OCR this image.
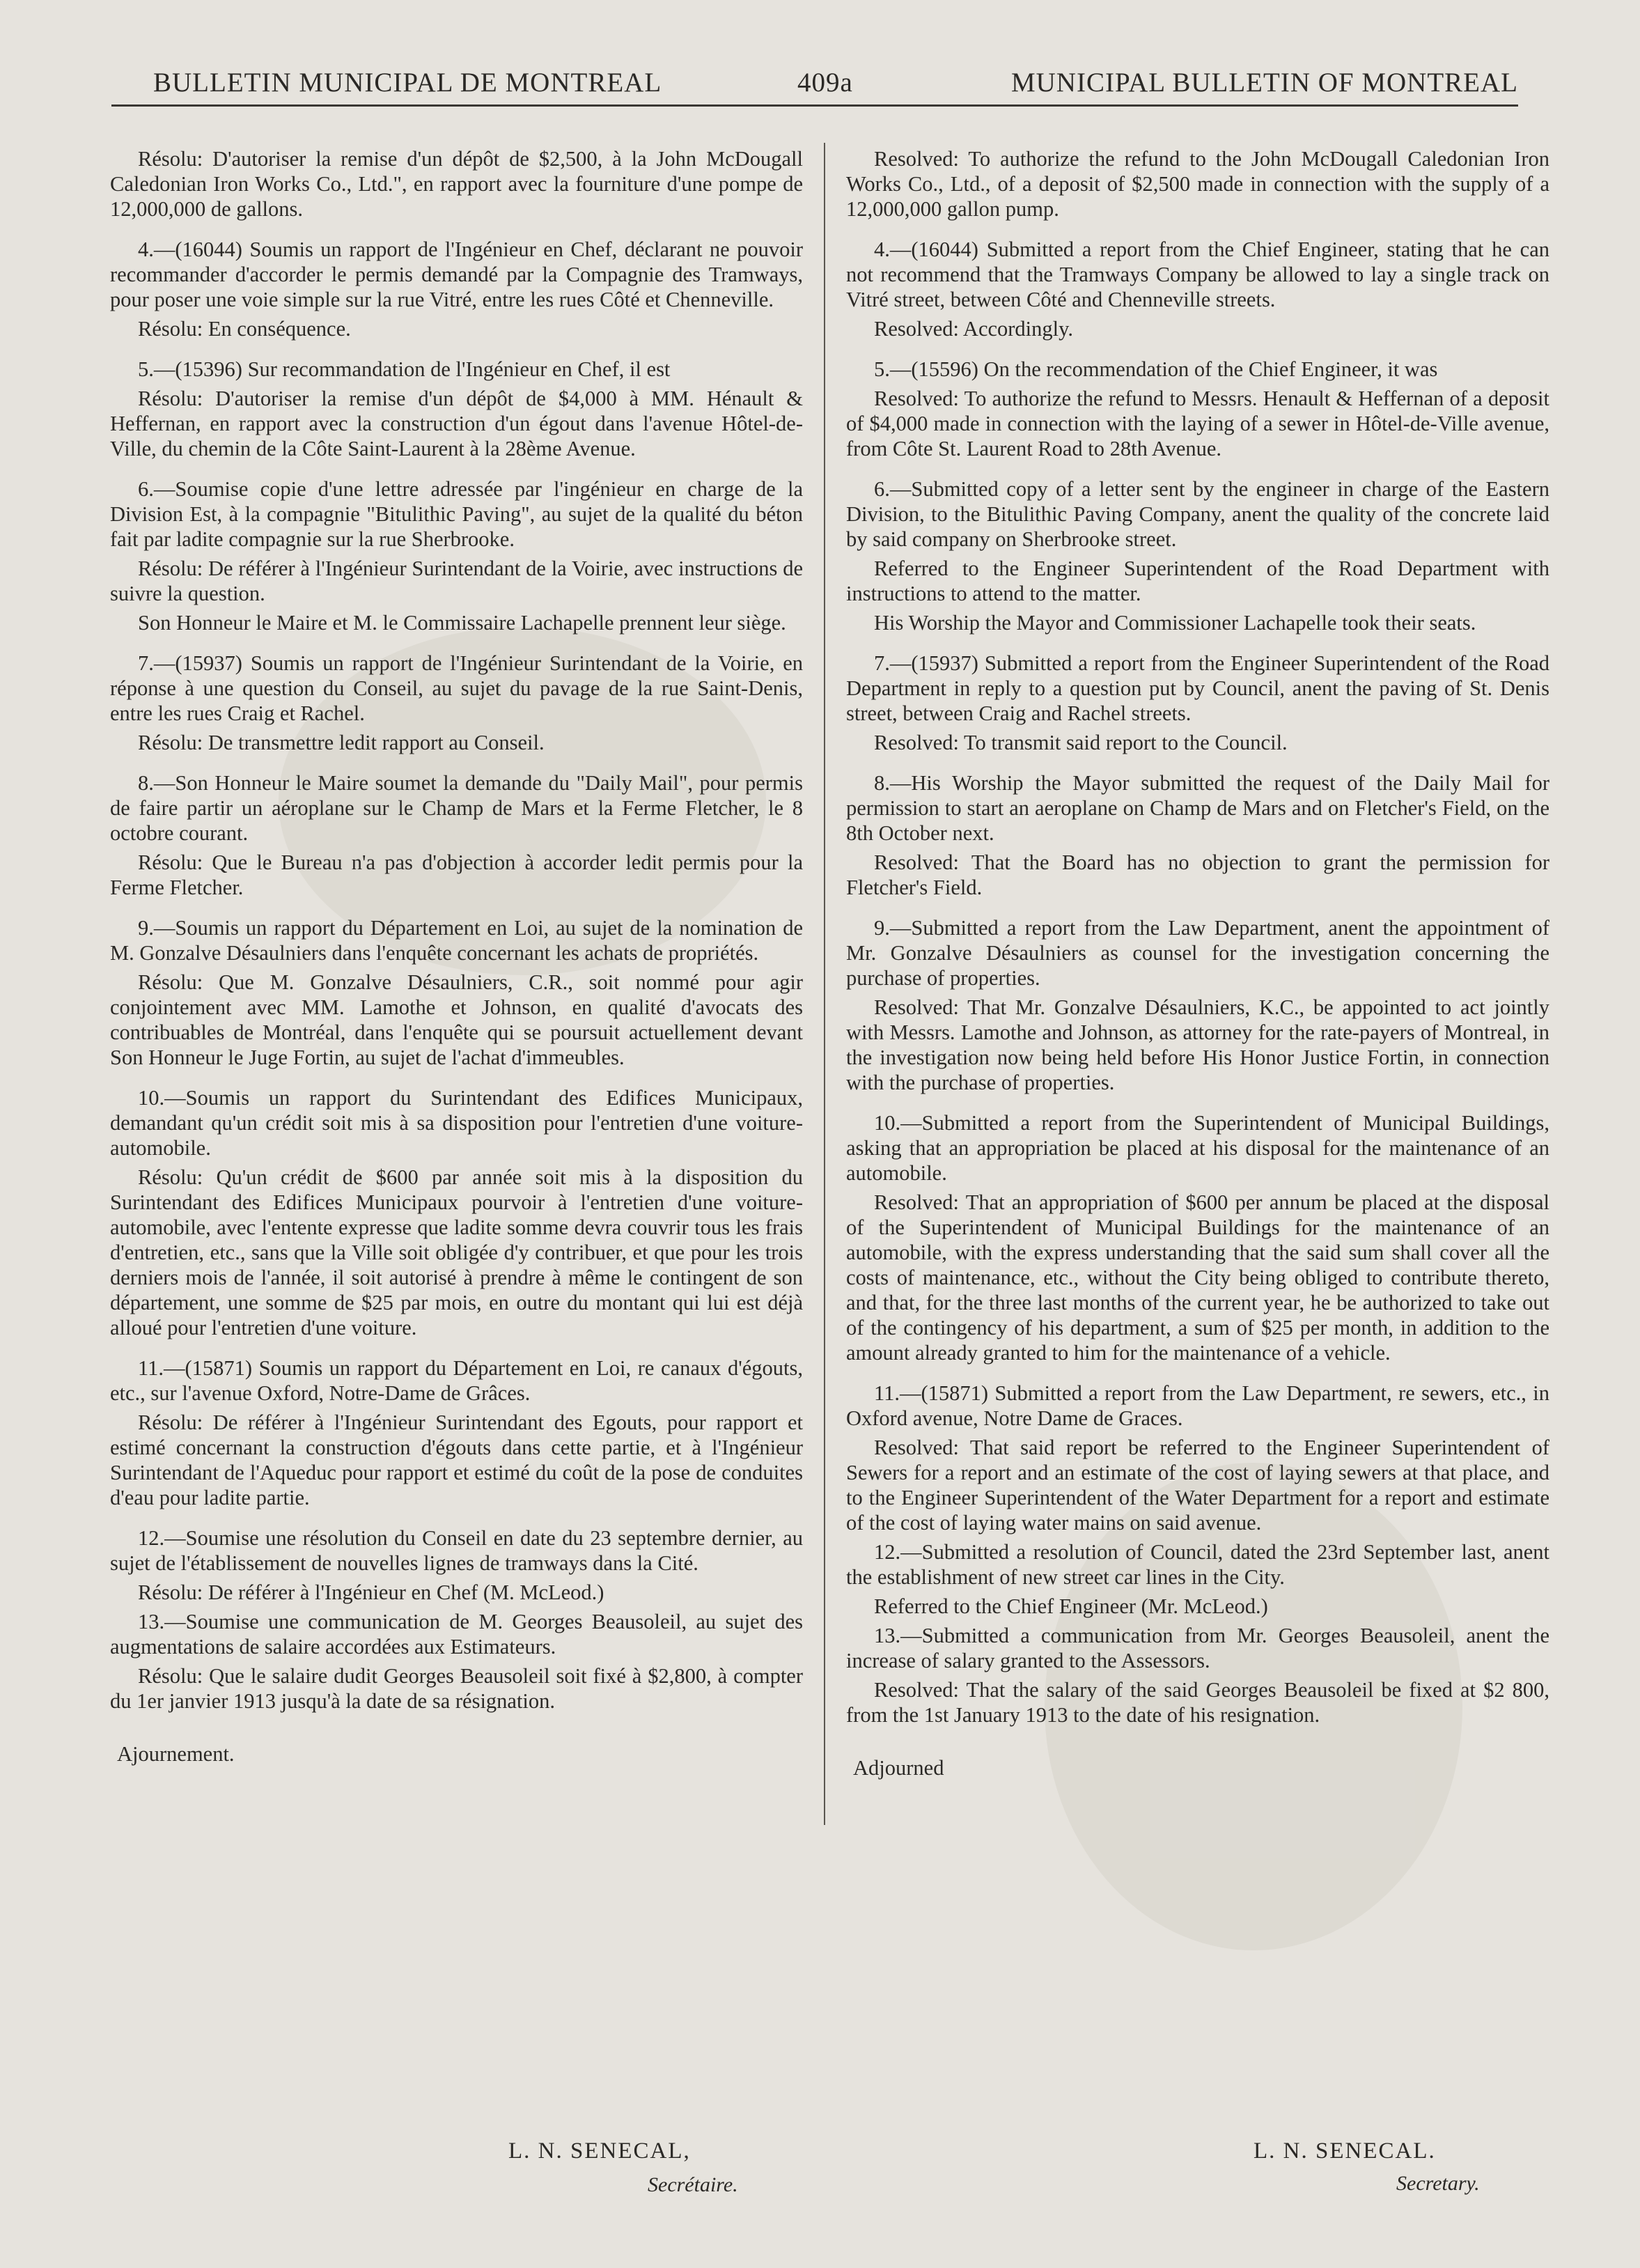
BULLETIN MUNICIPAL DE MONTREAL	409a	MUNICIPAL BULLETIN OF MONTREAL

Résolu: D'autoriser la remise d'un dépôt de $2,500, à la John McDougall Caledonian Iron Works Co., Ltd.", en rapport avec la fourniture d'une pompe de 12,000,000 de gallons.

4.—(16044) Soumis un rapport de l'Ingénieur en Chef, déclarant ne pouvoir recommander d'accorder le permis demandé par la Compagnie des Tramways, pour poser une voie simple sur la rue Vitré, entre les rues Côté et Chenneville.

Résolu: En conséquence.

5.—(15396) Sur recommandation de l'Ingénieur en Chef, il est

Résolu: D'autoriser la remise d'un dépôt de $4,000 à MM. Hénault & Heffernan, en rapport avec la construction d'un égout dans l'avenue Hôtel-de-Ville, du chemin de la Côte Saint-Laurent à la 28ème Avenue.

6.—Soumise copie d'une lettre adressée par l'ingénieur en charge de la Division Est, à la compagnie "Bitulithic Paving", au sujet de la qualité du béton fait par ladite compagnie sur la rue Sherbrooke.

Résolu: De référer à l'Ingénieur Surintendant de la Voirie, avec instructions de suivre la question.

Son Honneur le Maire et M. le Commissaire Lachapelle prennent leur siège.

7.—(15937) Soumis un rapport de l'Ingénieur Surintendant de la Voirie, en réponse à une question du Conseil, au sujet du pavage de la rue Saint-Denis, entre les rues Craig et Rachel.

Résolu: De transmettre ledit rapport au Conseil.

8.—Son Honneur le Maire soumet la demande du "Daily Mail", pour permis de faire partir un aéroplane sur le Champ de Mars et la Ferme Fletcher, le 8 octobre courant.

Résolu: Que le Bureau n'a pas d'objection à accorder ledit permis pour la Ferme Fletcher.

9.—Soumis un rapport du Département en Loi, au sujet de la nomination de M. Gonzalve Désaulniers dans l'enquête concernant les achats de propriétés.

Résolu: Que M. Gonzalve Désaulniers, C.R., soit nommé pour agir conjointement avec MM. Lamothe et Johnson, en qualité d'avocats des contribuables de Montréal, dans l'enquête qui se poursuit actuellement devant Son Honneur le Juge Fortin, au sujet de l'achat d'immeubles.

10.—Soumis un rapport du Surintendant des Edifices Municipaux, demandant qu'un crédit soit mis à sa disposition pour l'entretien d'une voiture-automobile.

Résolu: Qu'un crédit de $600 par année soit mis à la disposition du Surintendant des Edifices Municipaux pourvoir à l'entretien d'une voiture-automobile, avec l'entente expresse que ladite somme devra couvrir tous les frais d'entretien, etc., sans que la Ville soit obligée d'y contribuer, et que pour les trois derniers mois de l'année, il soit autorisé à prendre à même le contingent de son département, une somme de $25 par mois, en outre du montant qui lui est déjà alloué pour l'entretien d'une voiture.

11.—(15871) Soumis un rapport du Département en Loi, re canaux d'égouts, etc., sur l'avenue Oxford, Notre-Dame de Grâces.

Résolu: De référer à l'Ingénieur Surintendant des Egouts, pour rapport et estimé concernant la construction d'égouts dans cette partie, et à l'Ingénieur Surintendant de l'Aqueduc pour rapport et estimé du coût de la pose de conduites d'eau pour ladite partie.

12.—Soumise une résolution du Conseil en date du 23 septembre dernier, au sujet de l'établissement de nouvelles lignes de tramways dans la Cité.

Résolu: De référer à l'Ingénieur en Chef (M. McLeod.)

13.—Soumise une communication de M. Georges Beausoleil, au sujet des augmentations de salaire accordées aux Estimateurs.

Résolu: Que le salaire dudit Georges Beausoleil soit fixé à $2,800, à compter du 1er janvier 1913 jusqu'à la date de sa résignation.

Ajournement.

Resolved: To authorize the refund to the John McDougall Caledonian Iron Works Co., Ltd., of a deposit of $2,500 made in connection with the supply of a 12,000,000 gallon pump.

4.—(16044) Submitted a report from the Chief Engineer, stating that he can not recommend that the Tramways Company be allowed to lay a single track on Vitré street, between Côté and Chenneville streets.

Resolved: Accordingly.

5.—(15596) On the recommendation of the Chief Engineer, it was

Resolved: To authorize the refund to Messrs. Henault & Heffernan of a deposit of $4,000 made in connection with the laying of a sewer in Hôtel-de-Ville avenue, from Côte St. Laurent Road to 28th Avenue.

6.—Submitted copy of a letter sent by the engineer in charge of the Eastern Division, to the Bitulithic Paving Company, anent the quality of the concrete laid by said company on Sherbrooke street.

Referred to the Engineer Superintendent of the Road Department with instructions to attend to the matter.

His Worship the Mayor and Commissioner Lachapelle took their seats.

7.—(15937) Submitted a report from the Engineer Superintendent of the Road Department in reply to a question put by Council, anent the paving of St. Denis street, between Craig and Rachel streets.

Resolved: To transmit said report to the Council.

8.—His Worship the Mayor submitted the request of the Daily Mail for permission to start an aeroplane on Champ de Mars and on Fletcher's Field, on the 8th October next.

Resolved: That the Board has no objection to grant the permission for Fletcher's Field.

9.—Submitted a report from the Law Department, anent the appointment of Mr. Gonzalve Désaulniers as counsel for the investigation concerning the purchase of properties.

Resolved: That Mr. Gonzalve Désaulniers, K.C., be appointed to act jointly with Messrs. Lamothe and Johnson, as attorney for the rate-payers of Montreal, in the investigation now being held before His Honor Justice Fortin, in connection with the purchase of properties.

10.—Submitted a report from the Superintendent of Municipal Buildings, asking that an appropriation be placed at his disposal for the maintenance of an automobile.

Resolved: That an appropriation of $600 per annum be placed at the disposal of the Superintendent of Municipal Buildings for the maintenance of an automobile, with the express understanding that the said sum shall cover all the costs of maintenance, etc., without the City being obliged to contribute thereto, and that, for the three last months of the current year, he be authorized to take out of the contingency of his department, a sum of $25 per month, in addition to the amount already granted to him for the maintenance of a vehicle.

11.—(15871) Submitted a report from the Law Department, re sewers, etc., in Oxford avenue, Notre Dame de Graces.

Resolved: That said report be referred to the Engineer Superintendent of Sewers for a report and an estimate of the cost of laying sewers at that place, and to the Engineer Superintendent of the Water Department for a report and estimate of the cost of laying water mains on said avenue.

12.—Submitted a resolution of Council, dated the 23rd September last, anent the establishment of new street car lines in the City.

Referred to the Chief Engineer (Mr. McLeod.)

13.—Submitted a communication from Mr. Georges Beausoleil, anent the increase of salary granted to the Assessors.

Resolved: That the salary of the said Georges Beausoleil be fixed at $2 800, from the 1st January 1913 to the date of his resignation.

Adjourned

L. N. SENECAL,
Secrétaire.
L. N. SENECAL.
Secretary.
